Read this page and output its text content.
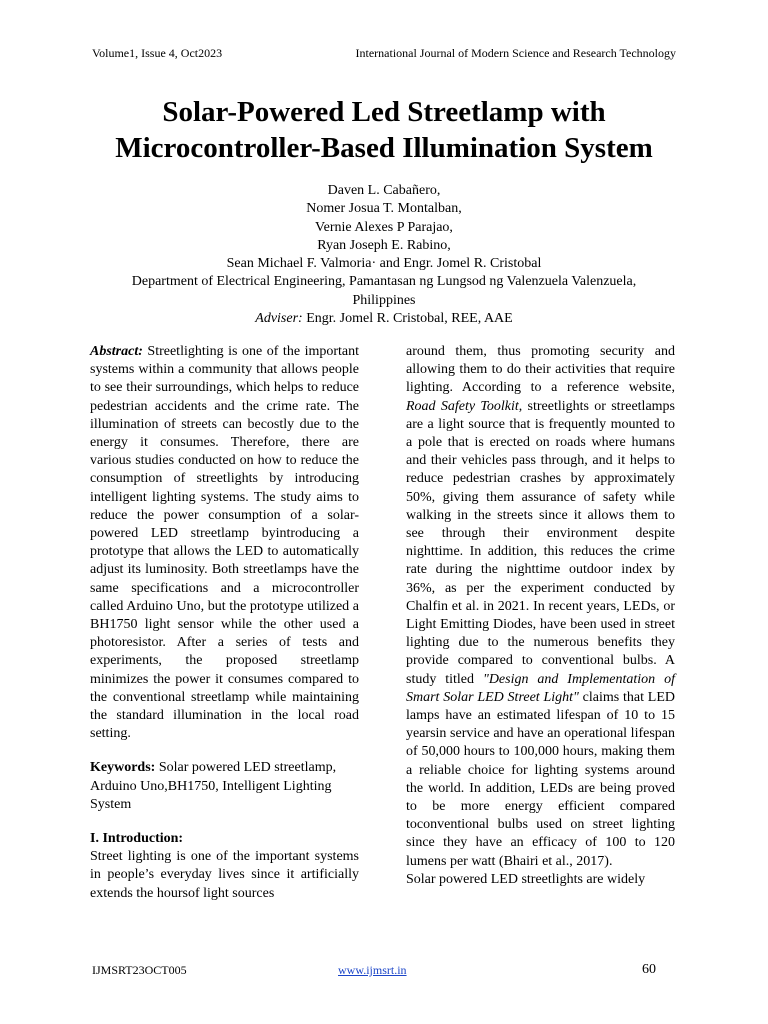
Volume1, Issue 4, Oct2023	International Journal of Modern Science and Research Technology
Solar-Powered Led Streetlamp with
Microcontroller-Based Illumination System
Daven L. Cabañero,
Nomer Josua T. Montalban,
Vernie Alexes P Parajao,
Ryan Joseph E. Rabino,
Sean Michael F. Valmoria· and Engr. Jomel R. Cristobal
Department of Electrical Engineering, Pamantasan ng Lungsod ng Valenzuela Valenzuela,
Philippines
Adviser: Engr. Jomel R. Cristobal, REE, AAE

Abstract: Streetlighting is one of the important systems within a community that allows people to see their surroundings, which helps to reduce pedestrian accidents and the crime rate. The illumination of streets can becostly due to the energy it consumes. Therefore, there are various studies conducted on how to reduce the consumption of streetlights by introducing intelligent lighting systems. The study aims to reduce the power consumption of a solar-powered LED streetlamp byintroducing a prototype that allows the LED to automatically adjust its luminosity. Both streetlamps have the same specifications and a microcontroller called Arduino Uno, but the prototype utilized a BH1750 light sensor while the other used a photoresistor. After a series of tests and experiments, the proposed streetlamp minimizes the power it consumes compared to the conventional streetlamp while maintaining the standard illumination in the local road setting.

Keywords: Solar powered LED streetlamp, Arduino Uno,BH1750, Intelligent Lighting System

I. Introduction:

Street lighting is one of the important systems in people’s everyday lives since it artificially extends the hoursof light sources

around them, thus promoting security and allowing them to do their activities that require lighting. According to a reference website, Road Safety Toolkit, streetlights or streetlamps are a light source that is frequently mounted to a pole that is erected on roads where humans and their vehicles pass through, and it helps to reduce pedestrian crashes by approximately 50%, giving them assurance of safety while walking in the streets since it allows them to see through their environment despite nighttime. In addition, this reduces the crime rate during the nighttime outdoor index by 36%, as per the experiment conducted by Chalfin et al. in 2021. In recent years, LEDs, or Light Emitting Diodes, have been used in street lighting due to the numerous benefits they provide compared to conventional bulbs. A study titled "Design and Implementation of Smart Solar LED Street Light" claims that LED lamps have an estimated lifespan of 10 to 15 yearsin service and have an operational lifespan of 50,000 hours to 100,000 hours, making them a reliable choice for lighting systems around the world. In addition, LEDs are being proved to be more energy efficient compared toconventional bulbs used on street lighting since they have an efficacy of 100 to 120 lumens per watt (Bhairi et al., 2017).

Solar powered LED streetlights are widely

IJMSRT23OCT005	www.ijmsrt.in	60
